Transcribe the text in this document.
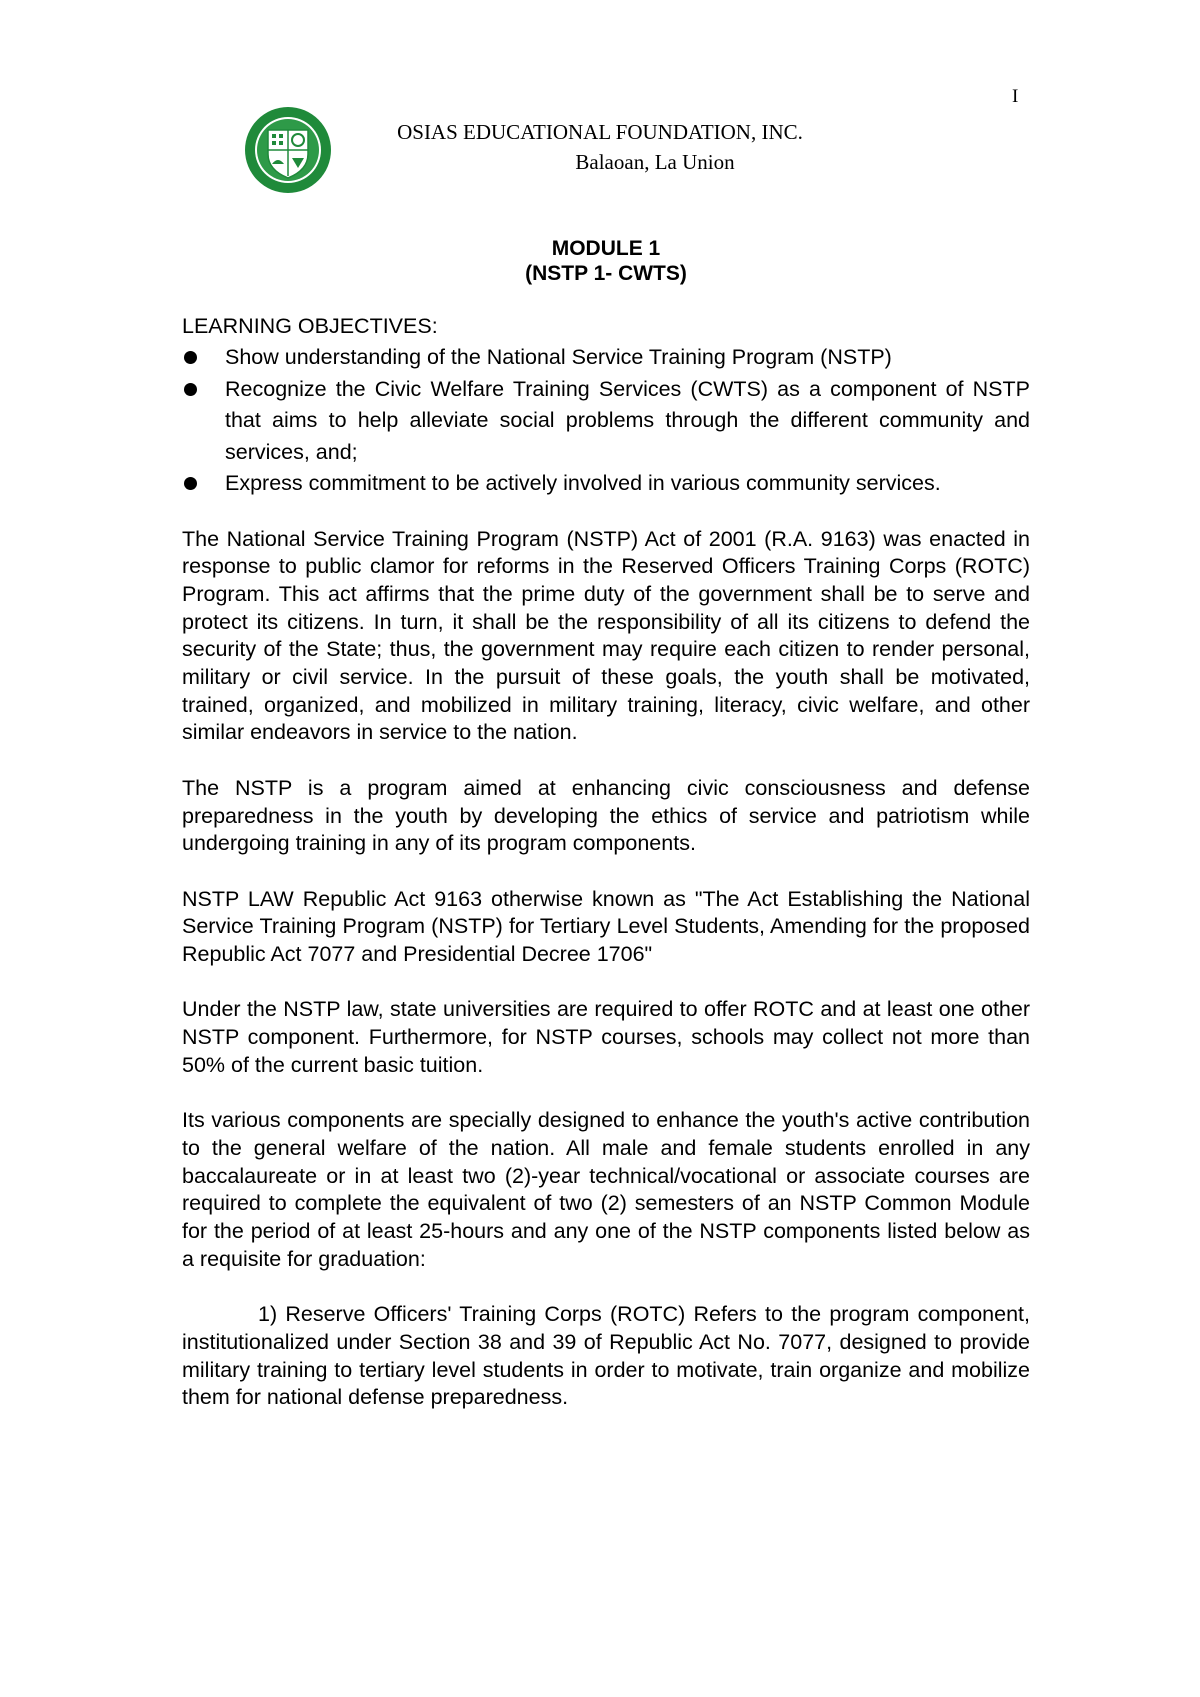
I
OSIAS EDUCATIONAL FOUNDATION, INC.
Balaoan, La Union
MODULE 1
(NSTP 1- CWTS)

LEARNING OBJECTIVES:

Show understanding of the National Service Training Program (NSTP)
Recognize the Civic Welfare Training Services (CWTS) as a component of NSTP that aims to help alleviate social problems through the different community and services, and;
Express commitment to be actively involved in various community services.

The National Service Training Program (NSTP) Act of 2001 (R.A. 9163) was enacted in response to public clamor for reforms in the Reserved Officers Training Corps (ROTC) Program. This act affirms that the prime duty of the government shall be to serve and protect its citizens. In turn, it shall be the responsibility of all its citizens to defend the security of the State; thus, the government may require each citizen to render personal, military or civil service. In the pursuit of these goals, the youth shall be motivated, trained, organized, and mobilized in military training, literacy, civic welfare, and other similar endeavors in service to the nation.

The NSTP is a program aimed at enhancing civic consciousness and defense preparedness in the youth by developing the ethics of service and patriotism while undergoing training in any of its program components.

NSTP LAW Republic Act 9163 otherwise known as "The Act Establishing the National Service Training Program (NSTP) for Tertiary Level Students, Amending for the proposed Republic Act 7077 and Presidential Decree 1706"

Under the NSTP law, state universities are required to offer ROTC and at least one other NSTP component. Furthermore, for NSTP courses, schools may collect not more than 50% of the current basic tuition.

Its various components are specially designed to enhance the youth's active contribution to the general welfare of the nation. All male and female students enrolled in any baccalaureate or in at least two (2)-year technical/vocational or associate courses are required to complete the equivalent of two (2) semesters of an NSTP Common Module for the period of at least 25-hours and any one of the NSTP components listed below as a requisite for graduation:

1) Reserve Officers' Training Corps (ROTC) Refers to the program component, institutionalized under Section 38 and 39 of Republic Act No. 7077, designed to provide military training to tertiary level students in order to motivate, train organize and mobilize them for national defense preparedness.
